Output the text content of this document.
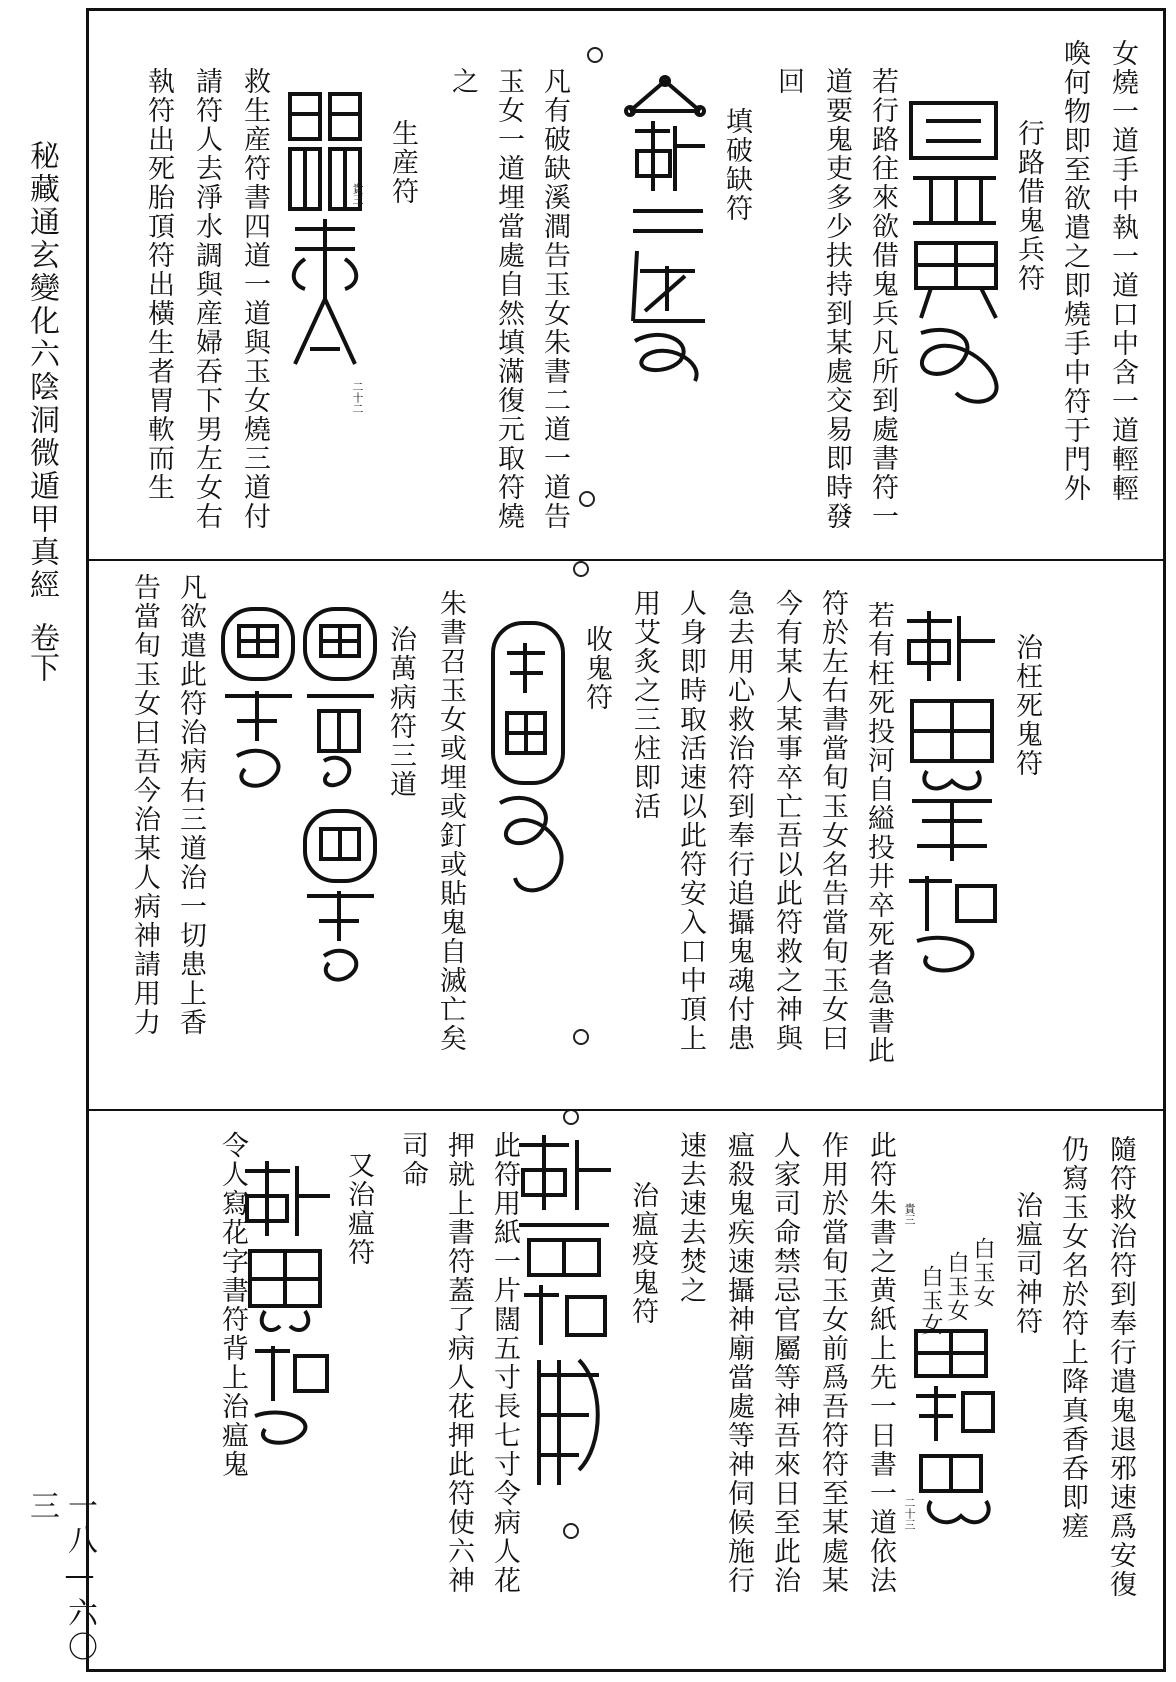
秘藏通玄變化六陰洞微遁甲真經
卷下
一八—六〇三
女燒一道手中執一道口中含一道輕輕
喚何物即至欲遣之即燒手中符于門外
行路借鬼兵符
若行路往來欲借鬼兵凡所到處書符一
道要鬼吏多少扶持到某處交易即時發
回
填破缺符
凡有破缺溪澗告玉女朱書二道一道告
玉女一道埋當處自然填滿復元取符燒
之
生産符
救生産符書四道一道與玉女燒三道付
請符人去淨水調與産婦吞下男左女右
執符出死胎頂符出橫生者胃軟而生	二十二
貴三
治枉死鬼符
若有枉死投河自縊投井卒死者急書此
符於左右書當旬玉女名告當旬玉女曰
今有某人某事卒亡吾以此符救之神與
急去用心救治符到奉行追攝鬼魂付患
人身即時取活速以此符安入口中頂上
用艾炙之三炷即活
收鬼符
朱書召玉女或埋或釘或貼鬼自滅亡矣
治萬病符三道
凡欲遣此符治病右三道治一切患上香
告當旬玉女曰吾今治某人病神請用力
隨符救治符到奉行遣鬼退邪速爲安復
仍寫玉女名於符上降真香呑即瘥
治瘟司神符
此符朱書之黄紙上先一日書一道依法
作用於當旬玉女前爲吾符符至某處某
人家司命禁忌官屬等神吾來日至此治
瘟殺鬼疾速攝神廟當處等神伺候施行
速去速去焚之
治瘟疫鬼符
此符用紙一片闊五寸長七寸令病人花
押就上書符蓋了病人花押此符使六神
司命
又治瘟符
令人寫花字書符背上治瘟鬼	白玉女
白玉女
白玉女
二十三
貴三
